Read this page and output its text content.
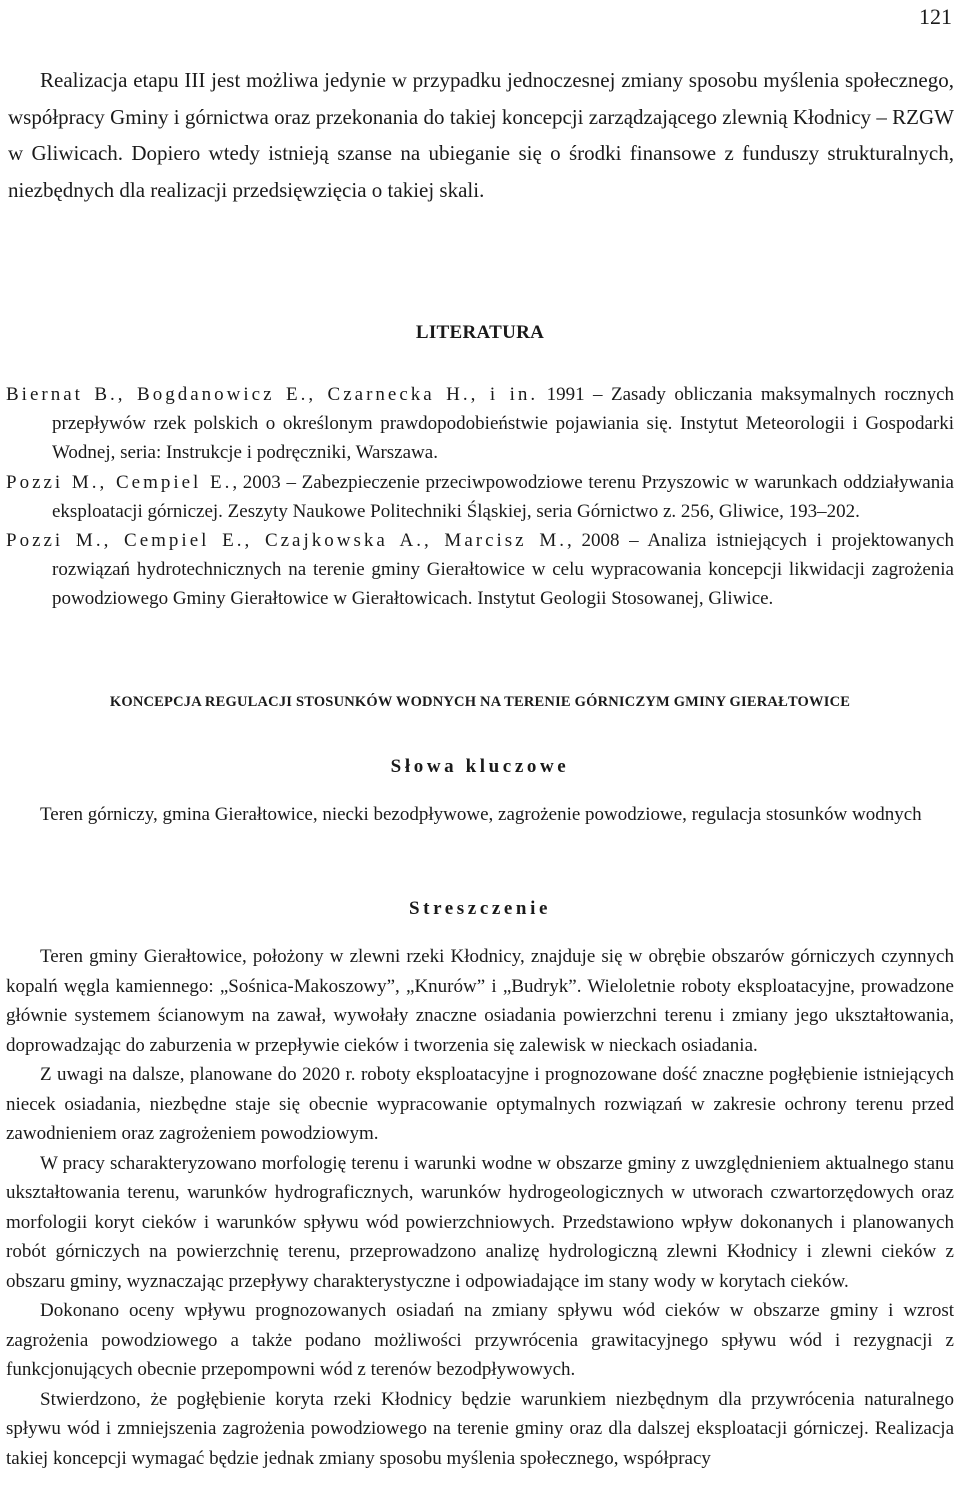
121

Realizacja etapu III jest możliwa jedynie w przypadku jednoczesnej zmiany sposobu myślenia społecznego, współpracy Gminy i górnictwa oraz przekonania do takiej koncepcji zarządzającego zlewnią Kłodnicy – RZGW w Gliwicach. Dopiero wtedy istnieją szanse na ubieganie się o środki finansowe z funduszy strukturalnych, niezbędnych dla realizacji przedsięwzięcia o takiej skali.

LITERATURA
Biernat B., Bogdanowicz E., Czarnecka H., i in. 1991 – Zasady obliczania maksymalnych rocznych przepływów rzek polskich o określonym prawdopodobieństwie pojawiania się. Instytut Meteorologii i Gospodarki Wodnej, seria: Instrukcje i podręczniki, Warszawa.
Pozzi M., Cempiel E., 2003 – Zabezpieczenie przeciwpowodziowe terenu Przyszowic w warunkach oddziaływania eksploatacji górniczej. Zeszyty Naukowe Politechniki Śląskiej, seria Górnictwo z. 256, Gliwice, 193–202.
Pozzi M., Cempiel E., Czajkowska A., Marcisz M., 2008 – Analiza istniejących i projektowanych rozwiązań hydrotechnicznych na terenie gminy Gierałtowice w celu wypracowania koncepcji likwidacji zagrożenia powodziowego Gminy Gierałtowice w Gierałtowicach. Instytut Geologii Stosowanej, Gliwice.
KONCEPCJA REGULACJI STOSUNKÓW WODNYCH NA TERENIE GÓRNICZYM GMINY GIERAŁTOWICE
Słowa kluczowe

Teren górniczy, gmina Gierałtowice, niecki bezodpływowe, zagrożenie powodziowe, regulacja stosunków wodnych

Streszczenie

Teren gminy Gierałtowice, położony w zlewni rzeki Kłodnicy, znajduje się w obrębie obszarów górniczych czynnych kopalń węgla kamiennego: „Sośnica-Makoszowy”, „Knurów” i „Budryk”. Wieloletnie roboty eksploatacyjne, prowadzone głównie systemem ścianowym na zawał, wywołały znaczne osiadania powierzchni terenu i zmiany jego ukształtowania, doprowadzając do zaburzenia w przepływie cieków i tworzenia się zalewisk w nieckach osiadania.

Z uwagi na dalsze, planowane do 2020 r. roboty eksploatacyjne i prognozowane dość znaczne pogłębienie istniejących niecek osiadania, niezbędne staje się obecnie wypracowanie optymalnych rozwiązań w zakresie ochrony terenu przed zawodnieniem oraz zagrożeniem powodziowym.

W pracy scharakteryzowano morfologię terenu i warunki wodne w obszarze gminy z uwzględnieniem aktualnego stanu ukształtowania terenu, warunków hydrograficznych, warunków hydrogeologicznych w utworach czwartorzędowych oraz morfologii koryt cieków i warunków spływu wód powierzchniowych. Przedstawiono wpływ dokonanych i planowanych robót górniczych na powierzchnię terenu, przeprowadzono analizę hydrologiczną zlewni Kłodnicy i zlewni cieków z obszaru gminy, wyznaczając przepływy charakterystyczne i odpowiadające im stany wody w korytach cieków.

Dokonano oceny wpływu prognozowanych osiadań na zmiany spływu wód cieków w obszarze gminy i wzrost zagrożenia powodziowego a także podano możliwości przywrócenia grawitacyjnego spływu wód i rezygnacji z funkcjonujących obecnie przepompowni wód z terenów bezodpływowych.

Stwierdzono, że pogłębienie koryta rzeki Kłodnicy będzie warunkiem niezbędnym dla przywrócenia naturalnego spływu wód i zmniejszenia zagrożenia powodziowego na terenie gminy oraz dla dalszej eksploatacji górniczej. Realizacja takiej koncepcji wymagać będzie jednak zmiany sposobu myślenia społecznego, współpracy
